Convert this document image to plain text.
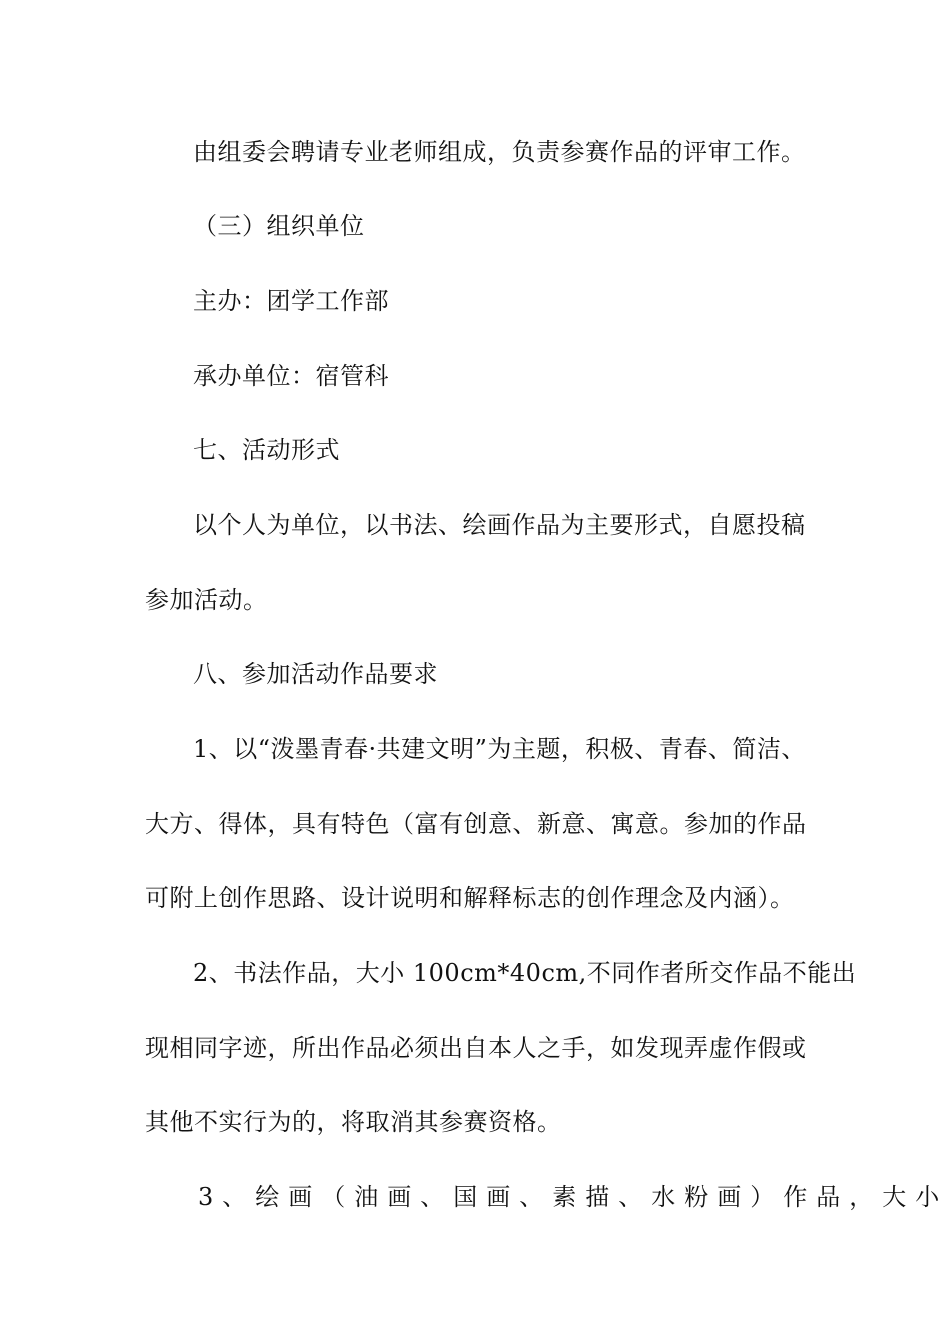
由组委会聘请专业老师组成，负责参赛作品的评审工作。
（三）组织单位
主办：团学工作部
承办单位：宿管科
七、活动形式
以个人为单位，以书法、绘画作品为主要形式，自愿投稿
参加活动。
八、参加活动作品要求
1、以“泼墨青春·共建文明”为主题，积极、青春、简洁、
大方、得体，具有特色（富有创意、新意、寓意。参加的作品
可附上创作思路、设计说明和解释标志的创作理念及内涵）。
2、书法作品，大小 100cm*40cm,不同作者所交作品不能出
现相同字迹，所出作品必须出自本人之手，如发现弄虚作假或
其他不实行为的，将取消其参赛资格。
3、绘画（油画、国画、素描、水粉画）作品，大小
